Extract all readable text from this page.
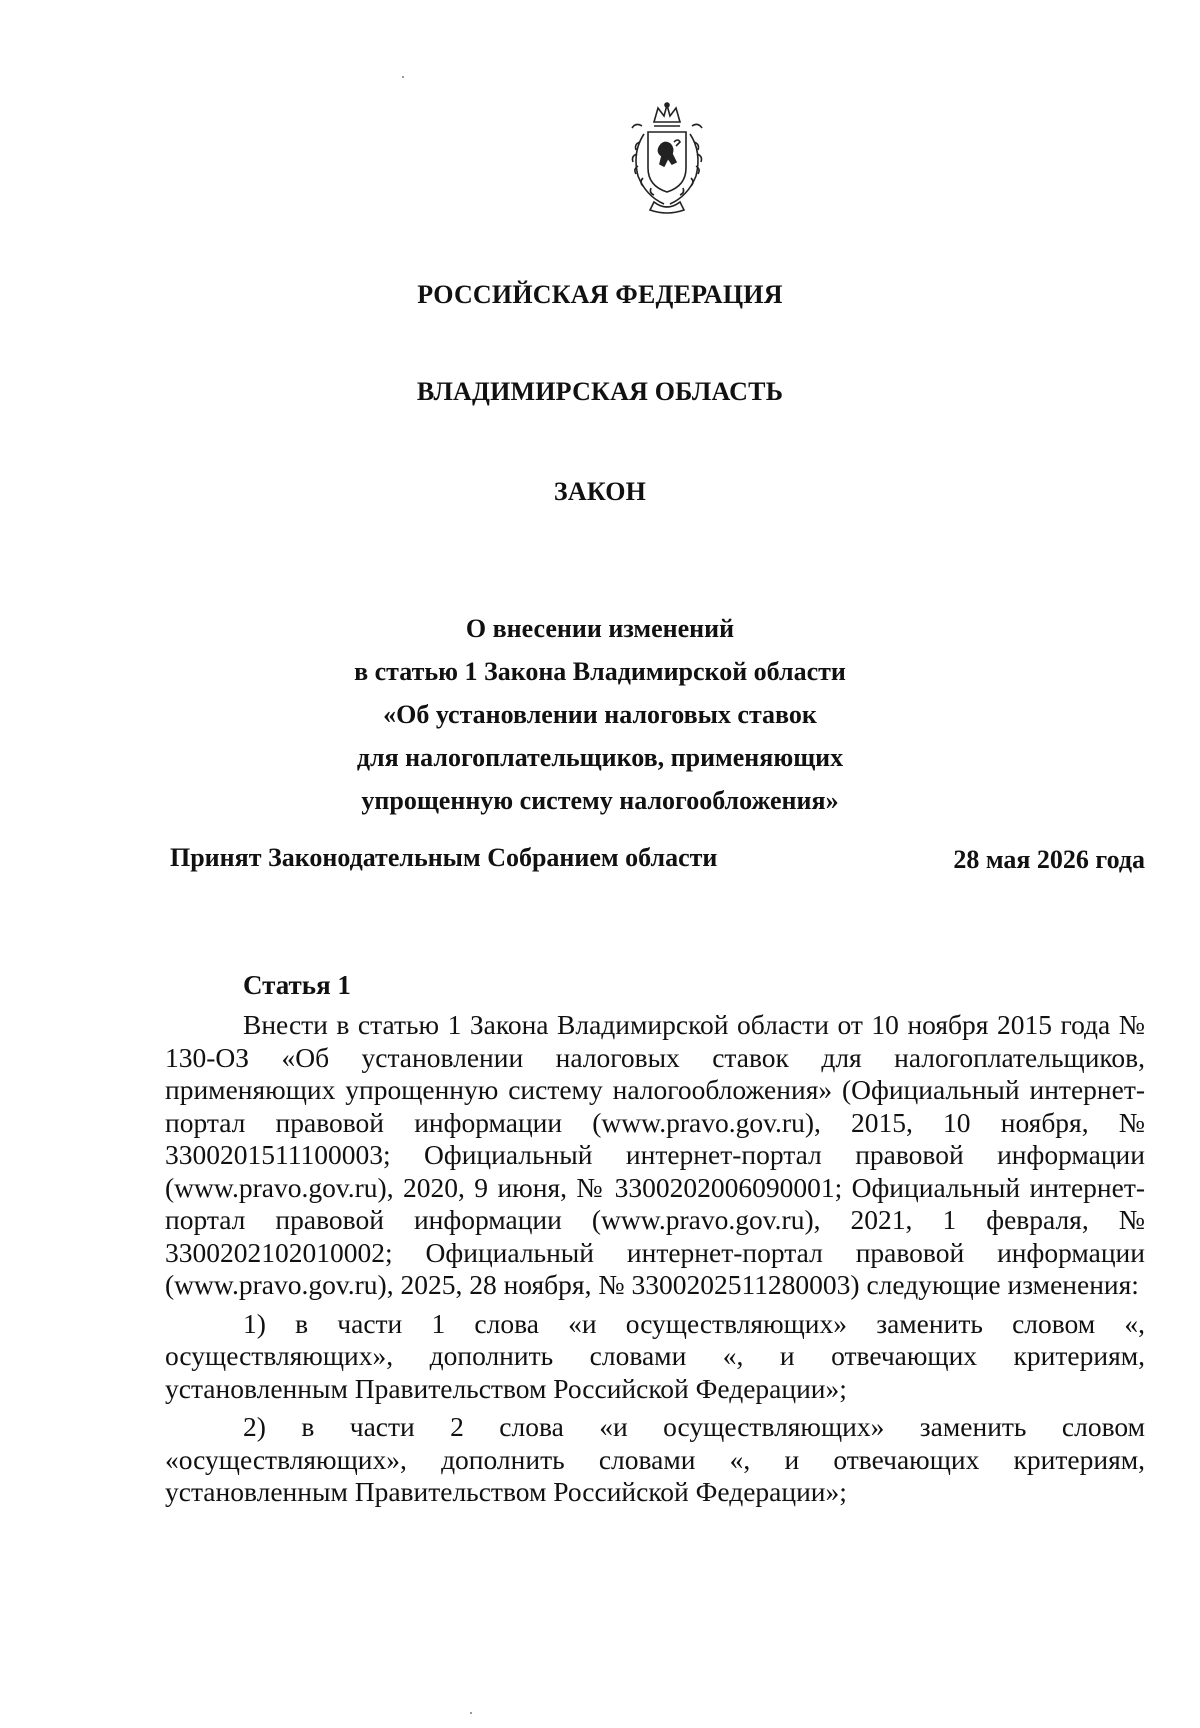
РОССИЙСКАЯ ФЕДЕРАЦИЯ
ВЛАДИМИРСКАЯ ОБЛАСТЬ
ЗАКОН
О внесении изменений
в статью 1 Закона Владимирской области
«Об установлении налоговых ставок
для налогоплательщиков, применяющих
упрощенную систему налогообложения»
Принят Законодательным Собранием области	28 мая 2026 года
Статья 1

Внести в статью 1 Закона Владимирской области от 10 ноября 2015 года № 130-ОЗ «Об установлении налоговых ставок для налогоплательщиков, применяющих упрощенную систему налогообложения» (Официальный интернет-портал правовой информации (www.pravo.gov.ru), 2015, 10 ноября, № 3300201511100003; Официальный интернет-портал правовой информации (www.pravo.gov.ru), 2020, 9 июня, № 3300202006090001; Официальный интернет-портал правовой информации (www.pravo.gov.ru), 2021, 1 февраля, № 3300202102010002; Официальный интернет-портал правовой информации (www.pravo.gov.ru), 2025, 28 ноября, № 3300202511280003) следующие изменения:

1) в части 1 слова «и осуществляющих» заменить словом «, осуществляющих», дополнить словами «, и отвечающих критериям, установленным Правительством Российской Федерации»;

2) в части 2 слова «и осуществляющих» заменить словом «осуществляющих», дополнить словами «, и отвечающих критериям, установленным Правительством Российской Федерации»;
